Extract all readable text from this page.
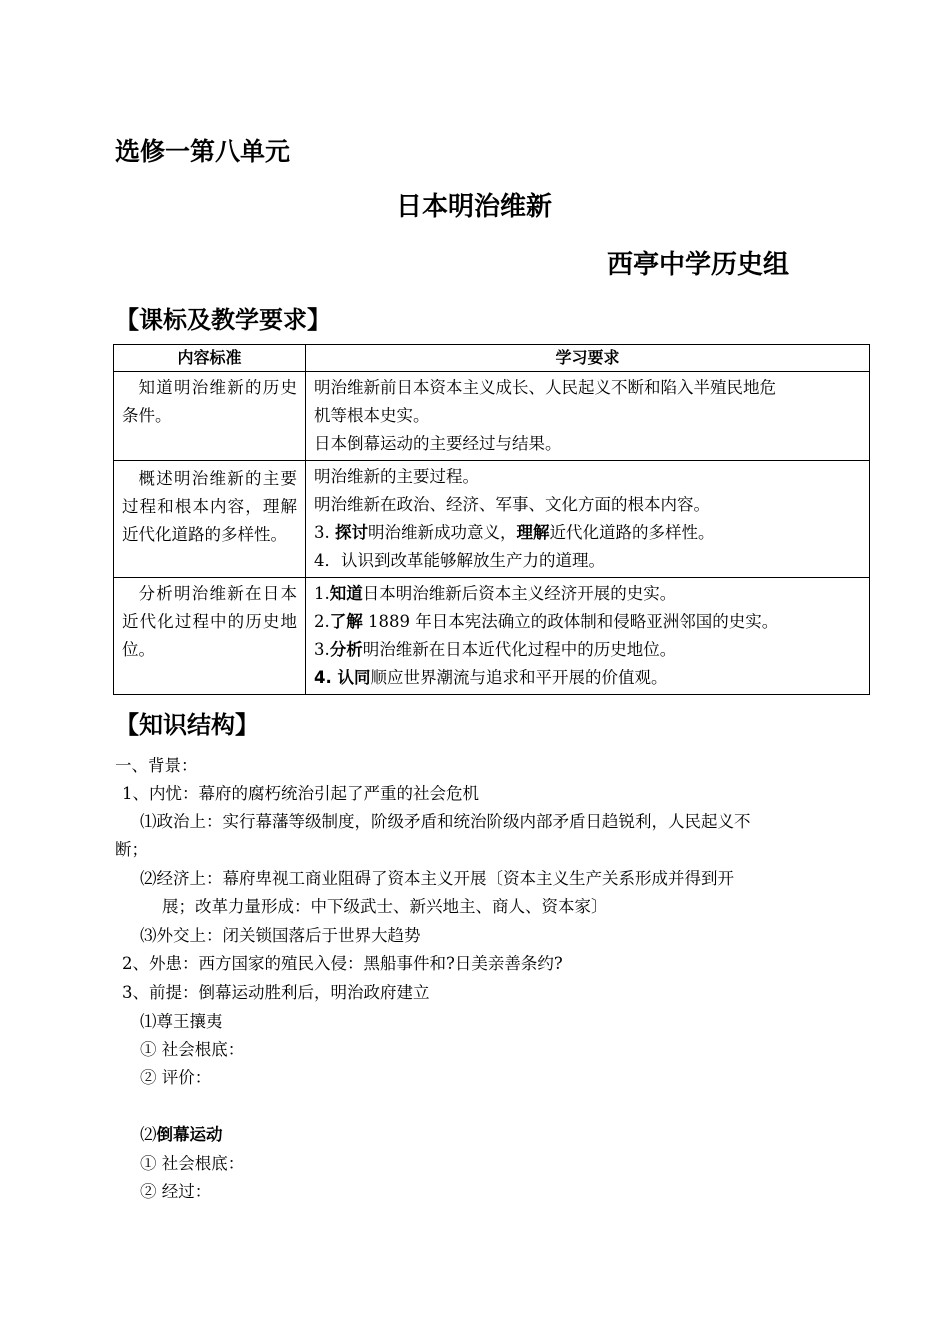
选修一第八单元
日本明治维新
西亭中学历史组
【课标及教学要求】
内容标准	学习要求
知道明治维新的历史条件。	明治维新前日本资本主义成长、人民起义不断和陷入半殖民地危

机等根本史实。

日本倒幕运动的主要经过与结果。

概述明治维新的主要过程和根本内容，理解近代化道路的多样性。	明治维新的主要过程。

明治维新在政治、经济、军事、文化方面的根本内容。

3. 探讨明治维新成功意义，理解近代化道路的多样性。

4．认识到改革能够解放生产力的道理。

分析明治维新在日本近代化过程中的历史地位。	1.知道日本明治维新后资本主义经济开展的史实。

2.了解 1889 年日本宪法确立的政体制和侵略亚洲邻国的史实。

3.分析明治维新在日本近代化过程中的历史地位。

4. 认同顺应世界潮流与追求和平开展的价值观。

【知识结构】
一、背景：
1、内忧：幕府的腐朽统治引起了严重的社会危机
⑴政治上：实行幕藩等级制度，阶级矛盾和统治阶级内部矛盾日趋锐利，人民起义不
断；
⑵经济上：幕府卑视工商业阻碍了资本主义开展〔资本主义生产关系形成并得到开
展；改革力量形成：中下级武士、新兴地主、商人、资本家〕
⑶外交上：闭关锁国落后于世界大趋势
2、外患：西方国家的殖民入侵：黑船事件和?日美亲善条约?
3、前提：倒幕运动胜利后，明治政府建立
⑴尊王攘夷
① 社会根底：
② 评价：
⑵倒幕运动
① 社会根底：
② 经过：
